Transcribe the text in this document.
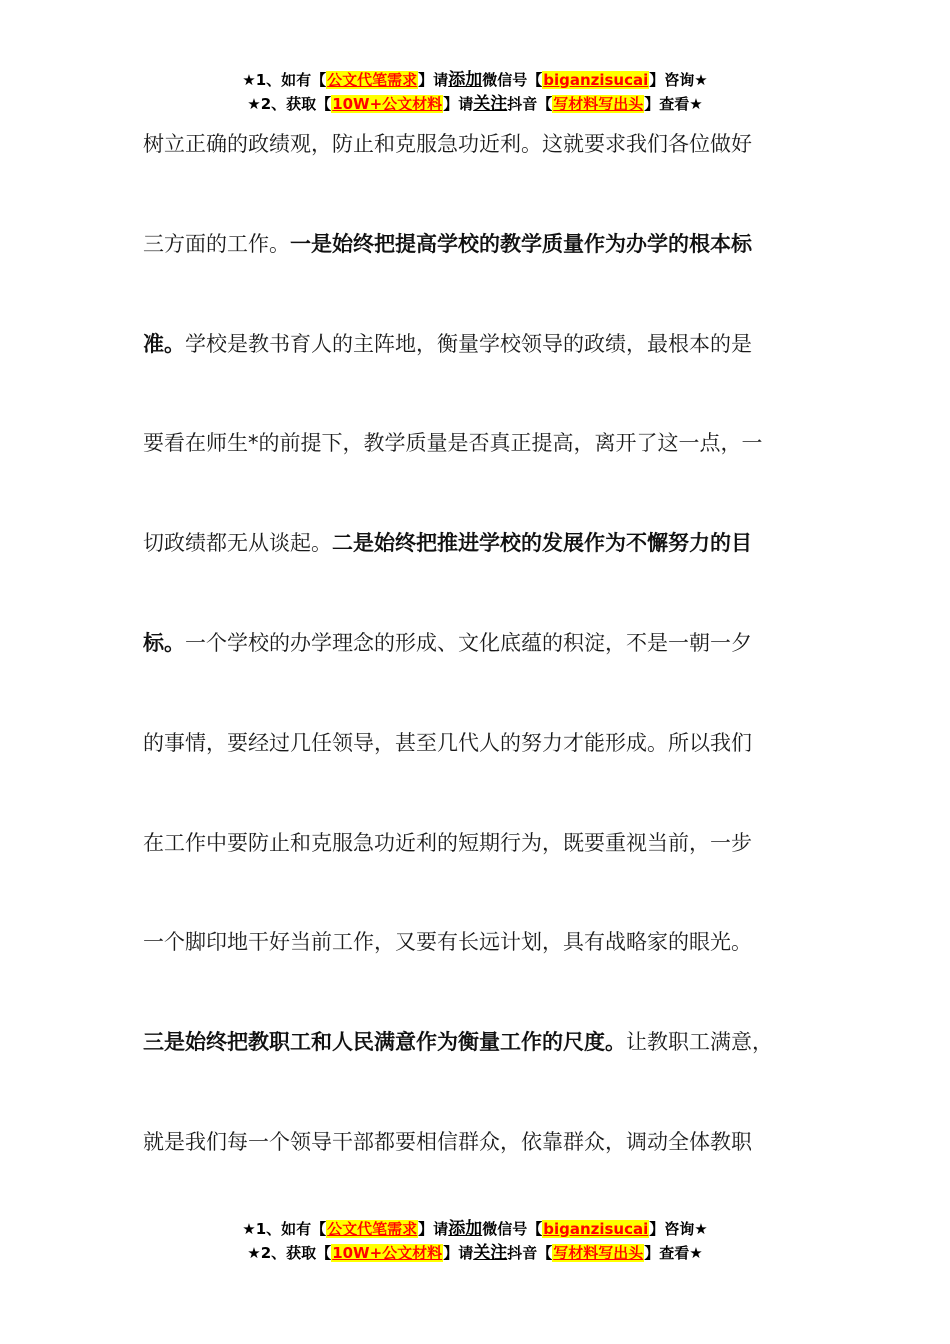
★1、如有【公文代笔需求】请添加微信号【biganzisucai】咨询★
★2、获取【10W+公文材料】请关注抖音【写材料写出头】查看★
树立正确的政绩观，防止和克服急功近利。这就要求我们各位做好
三方面的工作。一是始终把提高学校的教学质量作为办学的根本标
准。学校是教书育人的主阵地，衡量学校领导的政绩，最根本的是
要看在师生*的前提下，教学质量是否真正提高，离开了这一点，一
切政绩都无从谈起。二是始终把推进学校的发展作为不懈努力的目
标。一个学校的办学理念的形成、文化底蕴的积淀，不是一朝一夕
的事情，要经过几任领导，甚至几代人的努力才能形成。所以我们
在工作中要防止和克服急功近利的短期行为，既要重视当前，一步
一个脚印地干好当前工作，又要有长远计划，具有战略家的眼光。
三是始终把教职工和人民满意作为衡量工作的尺度。让教职工满意，
就是我们每一个领导干部都要相信群众，依靠群众，调动全体教职
★1、如有【公文代笔需求】请添加微信号【biganzisucai】咨询★
★2、获取【10W+公文材料】请关注抖音【写材料写出头】查看★
